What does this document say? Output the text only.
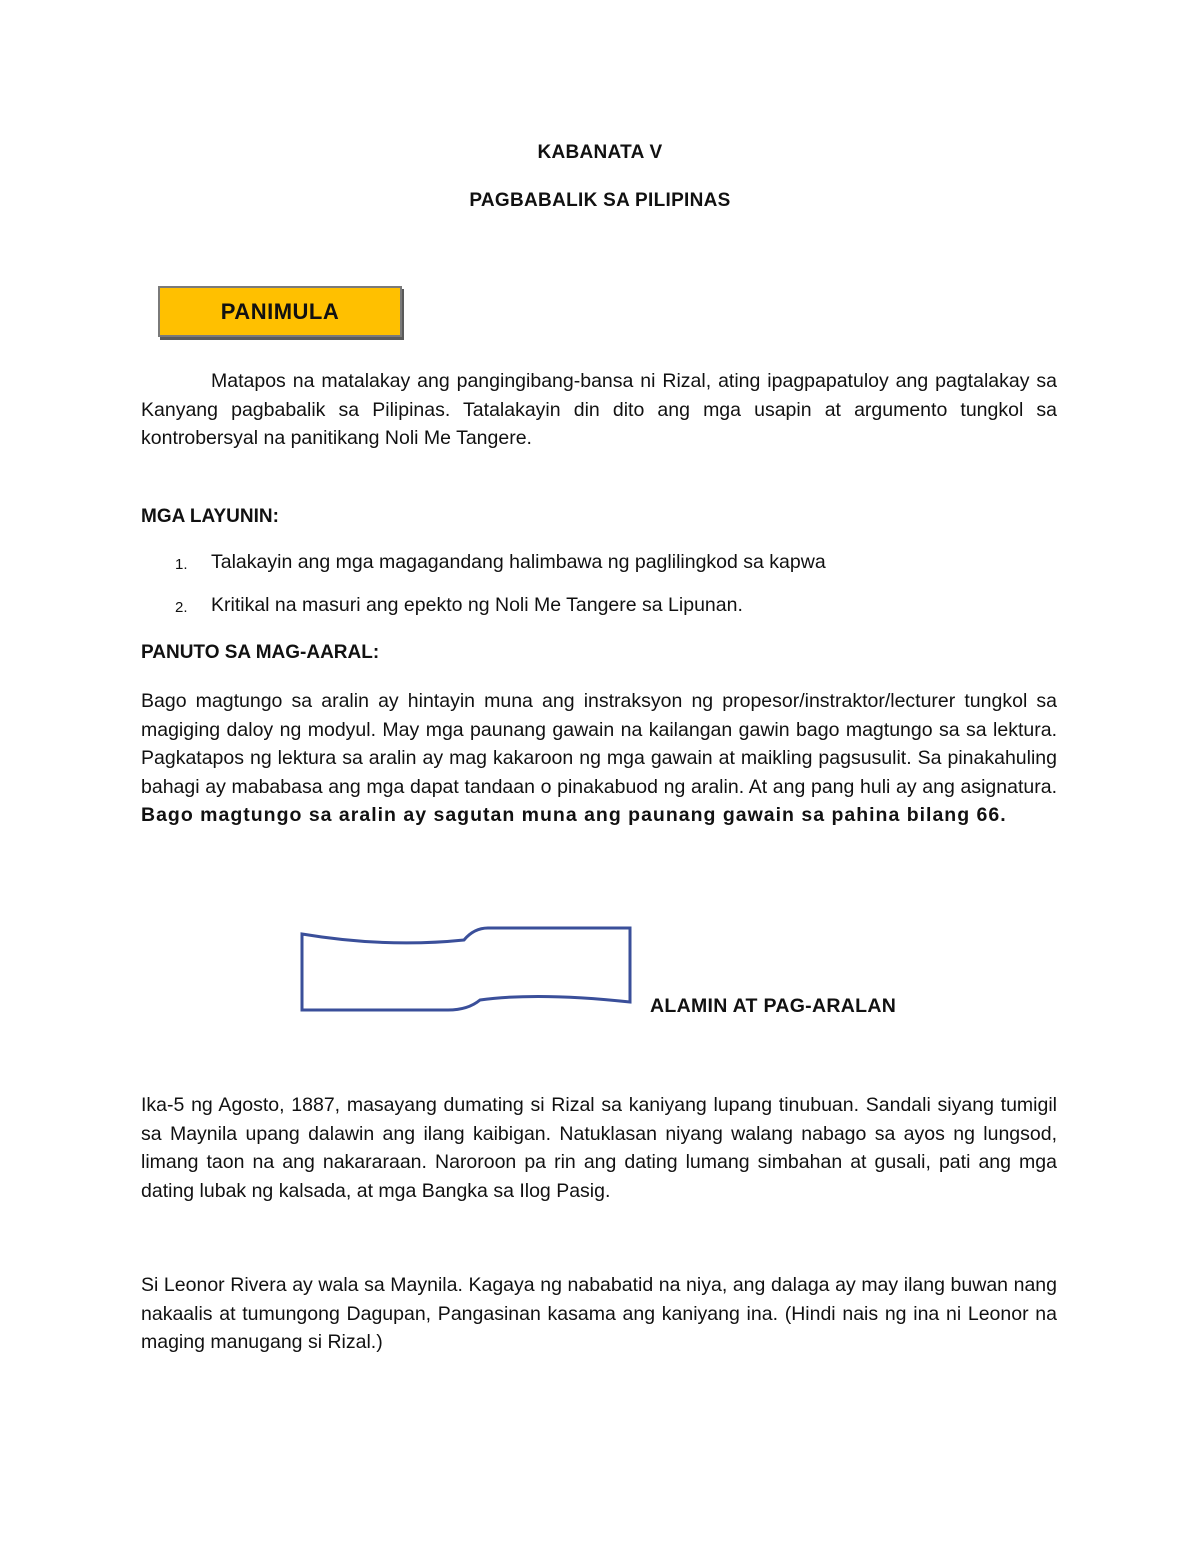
KABANATA V
PAGBABALIK SA PILIPINAS
PANIMULA

Matapos na matalakay ang pangingibang-bansa ni Rizal, ating ipagpapatuloy ang pagtalakay sa Kanyang pagbabalik sa Pilipinas. Tatalakayin din dito ang mga usapin at argumento tungkol sa kontrobersyal na panitikang Noli Me Tangere.

MGA LAYUNIN:

1.	Talakayin ang mga magagandang halimbawa ng paglilingkod sa kapwa
2.	Kritikal na masuri ang epekto ng Noli Me Tangere sa Lipunan.

PANUTO SA MAG-AARAL:

Bago magtungo sa aralin ay hintayin muna ang instraksyon ng propesor/instraktor/lecturer tungkol sa magiging daloy ng modyul. May mga paunang gawain na kailangan gawin bago magtungo sa sa lektura. Pagkatapos ng lektura sa aralin ay mag kakaroon ng mga gawain at maikling pagsusulit. Sa pinakahuling bahagi ay mababasa ang mga dapat tandaan o pinakabuod ng aralin. At ang pang huli ay ang asignatura. Bago magtungo sa aralin ay sagutan muna ang paunang gawain sa pahina bilang 66.

ALAMIN AT PAG-ARALAN

Ika-5 ng Agosto, 1887, masayang dumating si Rizal sa kaniyang lupang tinubuan. Sandali siyang tumigil sa Maynila upang dalawin ang ilang kaibigan. Natuklasan niyang walang nabago sa ayos ng lungsod, limang taon na ang nakararaan. Naroroon pa rin ang dating lumang simbahan at gusali, pati ang mga dating lubak ng kalsada, at mga Bangka sa Ilog Pasig.

Si Leonor Rivera ay wala sa Maynila. Kagaya ng nababatid na niya, ang dalaga ay may ilang buwan nang nakaalis at tumungong Dagupan, Pangasinan kasama ang kaniyang ina. (Hindi nais ng ina ni Leonor na maging manugang si Rizal.)
